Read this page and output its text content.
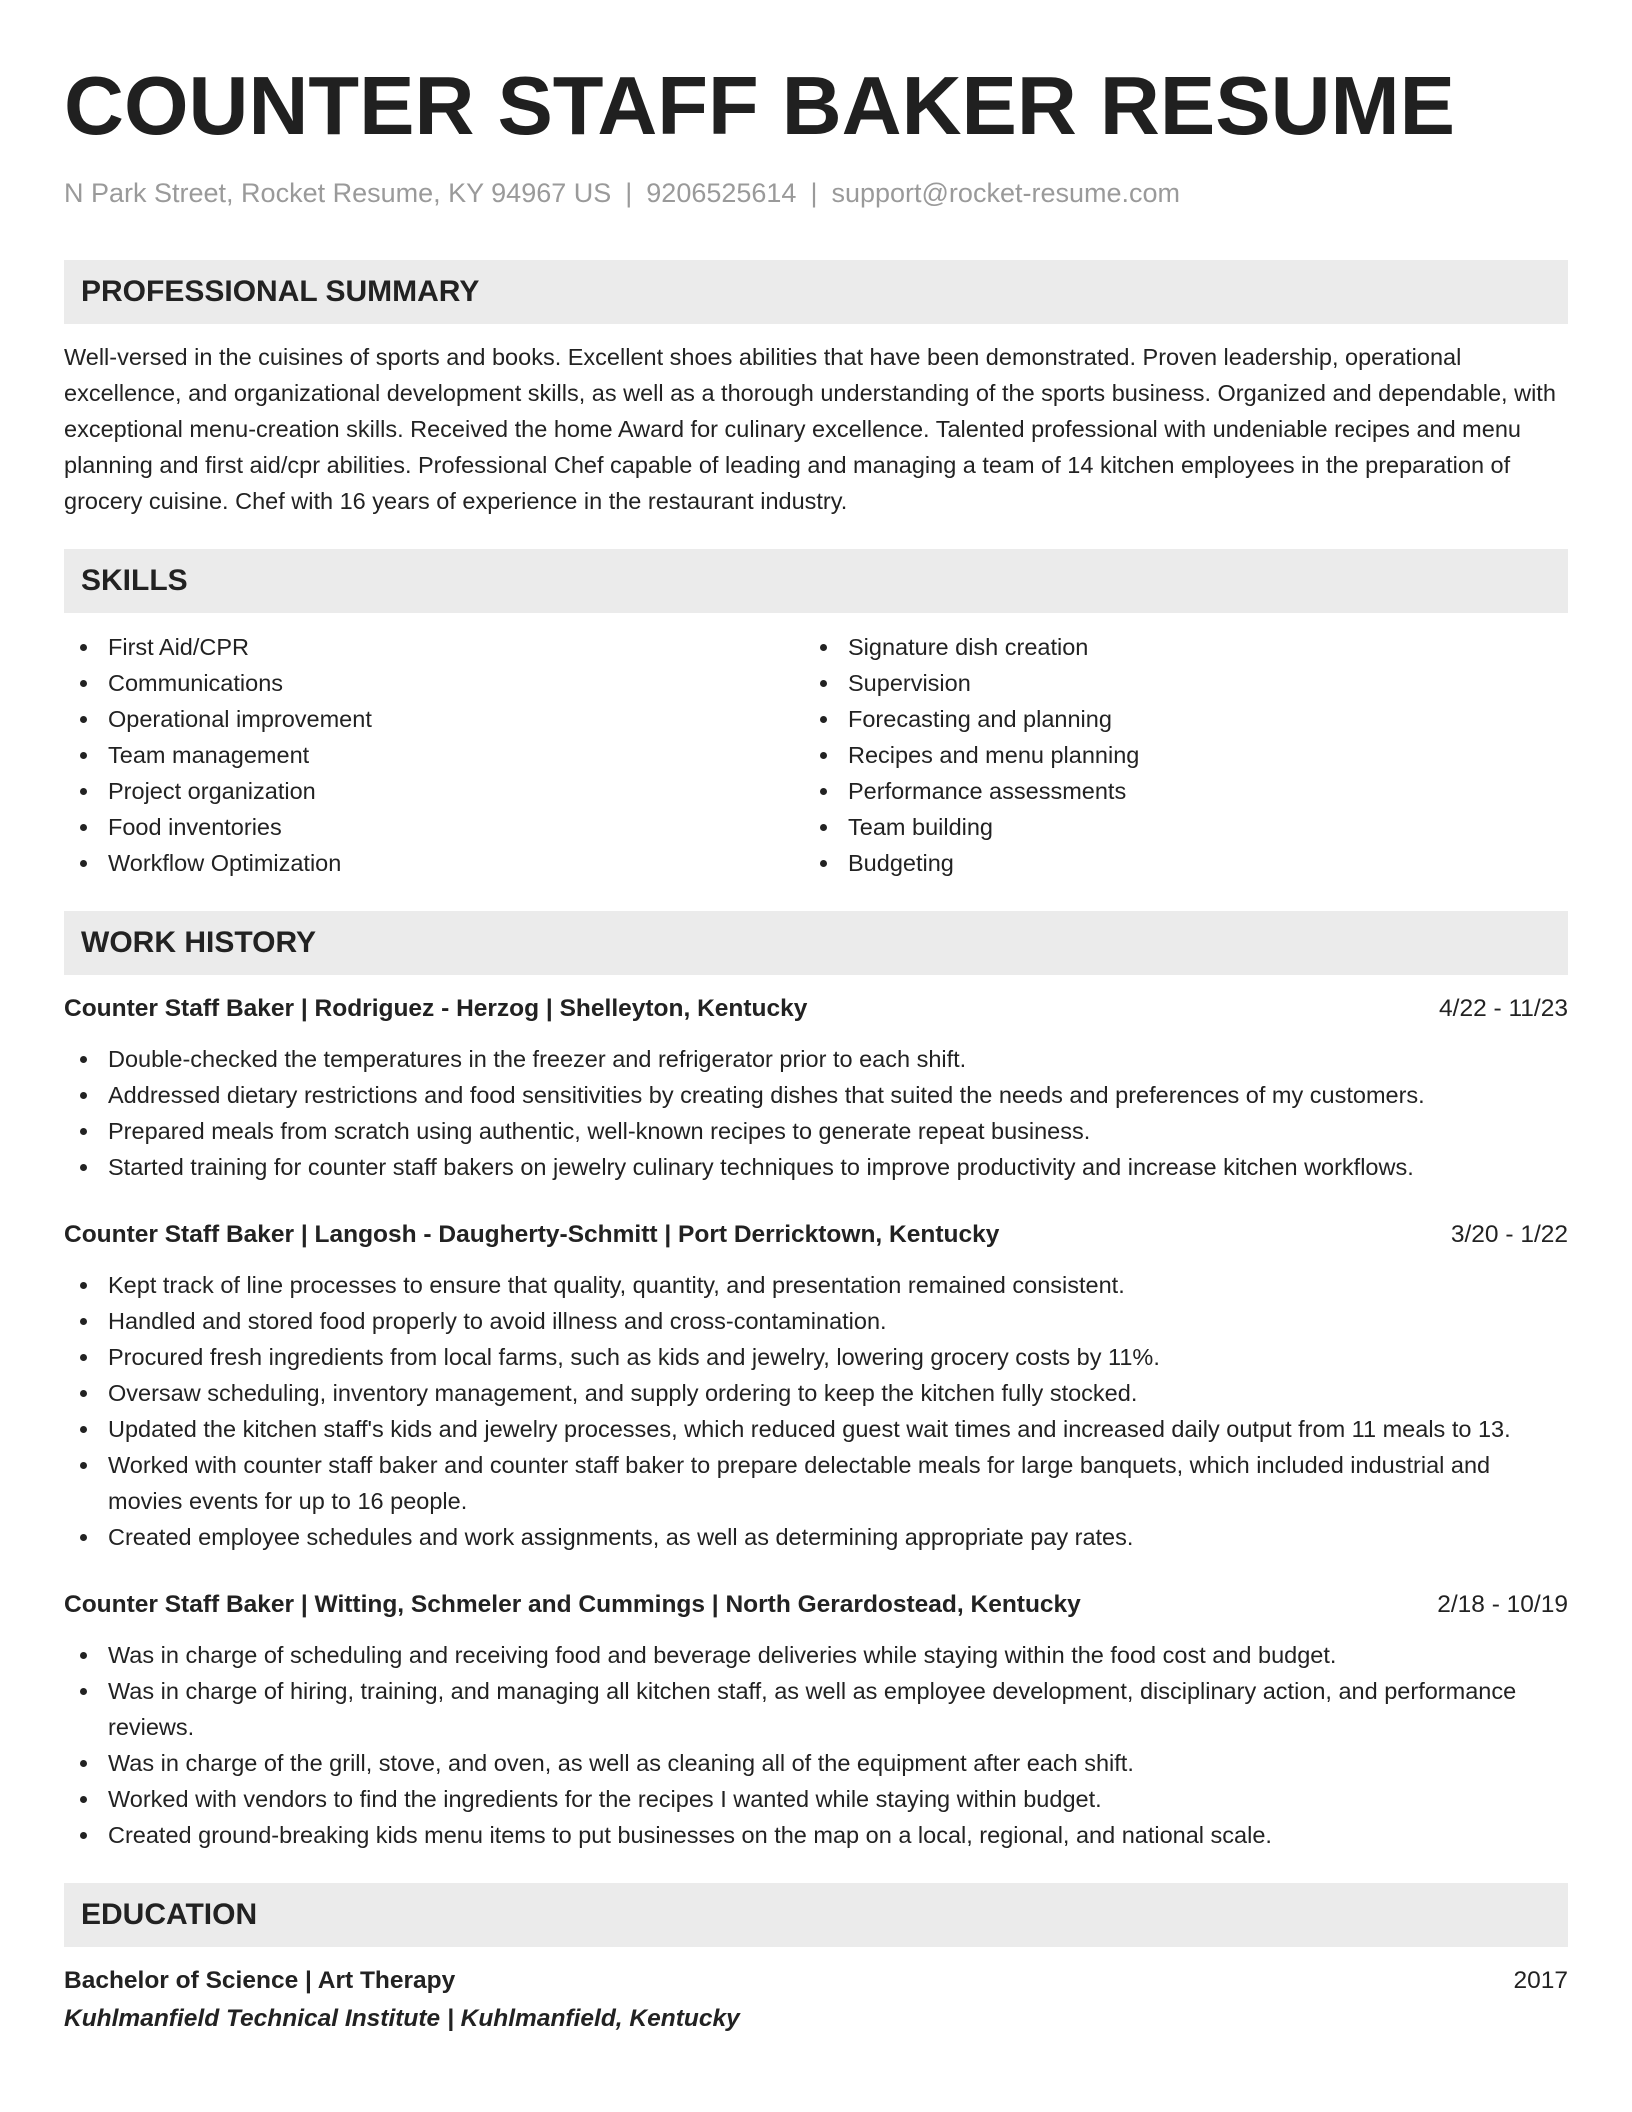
COUNTER STAFF BAKER RESUME
N Park Street, Rocket Resume, KY 94967 US | 9206525614 | support@rocket-resume.com
PROFESSIONAL SUMMARY
Well-versed in the cuisines of sports and books. Excellent shoes abilities that have been demonstrated. Proven leadership, operational excellence, and organizational development skills, as well as a thorough understanding of the sports business. Organized and dependable, with exceptional menu-creation skills. Received the home Award for culinary excellence. Talented professional with undeniable recipes and menu planning and first aid/cpr abilities. Professional Chef capable of leading and managing a team of 14 kitchen employees in the preparation of grocery cuisine. Chef with 16 years of experience in the restaurant industry.
SKILLS
First Aid/CPR
Communications
Operational improvement
Team management
Project organization
Food inventories
Workflow Optimization
Signature dish creation
Supervision
Forecasting and planning
Recipes and menu planning
Performance assessments
Team building
Budgeting
WORK HISTORY
Counter Staff Baker | Rodriguez - Herzog | Shelleyton, Kentucky	4/22 - 11/23
Double-checked the temperatures in the freezer and refrigerator prior to each shift.
Addressed dietary restrictions and food sensitivities by creating dishes that suited the needs and preferences of my customers.
Prepared meals from scratch using authentic, well-known recipes to generate repeat business.
Started training for counter staff bakers on jewelry culinary techniques to improve productivity and increase kitchen workflows.
Counter Staff Baker | Langosh - Daugherty-Schmitt | Port Derricktown, Kentucky	3/20 - 1/22
Kept track of line processes to ensure that quality, quantity, and presentation remained consistent.
Handled and stored food properly to avoid illness and cross-contamination.
Procured fresh ingredients from local farms, such as kids and jewelry, lowering grocery costs by 11%.
Oversaw scheduling, inventory management, and supply ordering to keep the kitchen fully stocked.
Updated the kitchen staff's kids and jewelry processes, which reduced guest wait times and increased daily output from 11 meals to 13.
Worked with counter staff baker and counter staff baker to prepare delectable meals for large banquets, which included industrial and movies events for up to 16 people.
Created employee schedules and work assignments, as well as determining appropriate pay rates.
Counter Staff Baker | Witting, Schmeler and Cummings | North Gerardostead, Kentucky	2/18 - 10/19
Was in charge of scheduling and receiving food and beverage deliveries while staying within the food cost and budget.
Was in charge of hiring, training, and managing all kitchen staff, as well as employee development, disciplinary action, and performance reviews.
Was in charge of the grill, stove, and oven, as well as cleaning all of the equipment after each shift.
Worked with vendors to find the ingredients for the recipes I wanted while staying within budget.
Created ground-breaking kids menu items to put businesses on the map on a local, regional, and national scale.
EDUCATION
Bachelor of Science | Art Therapy	2017
Kuhlmanfield Technical Institute | Kuhlmanfield, Kentucky
